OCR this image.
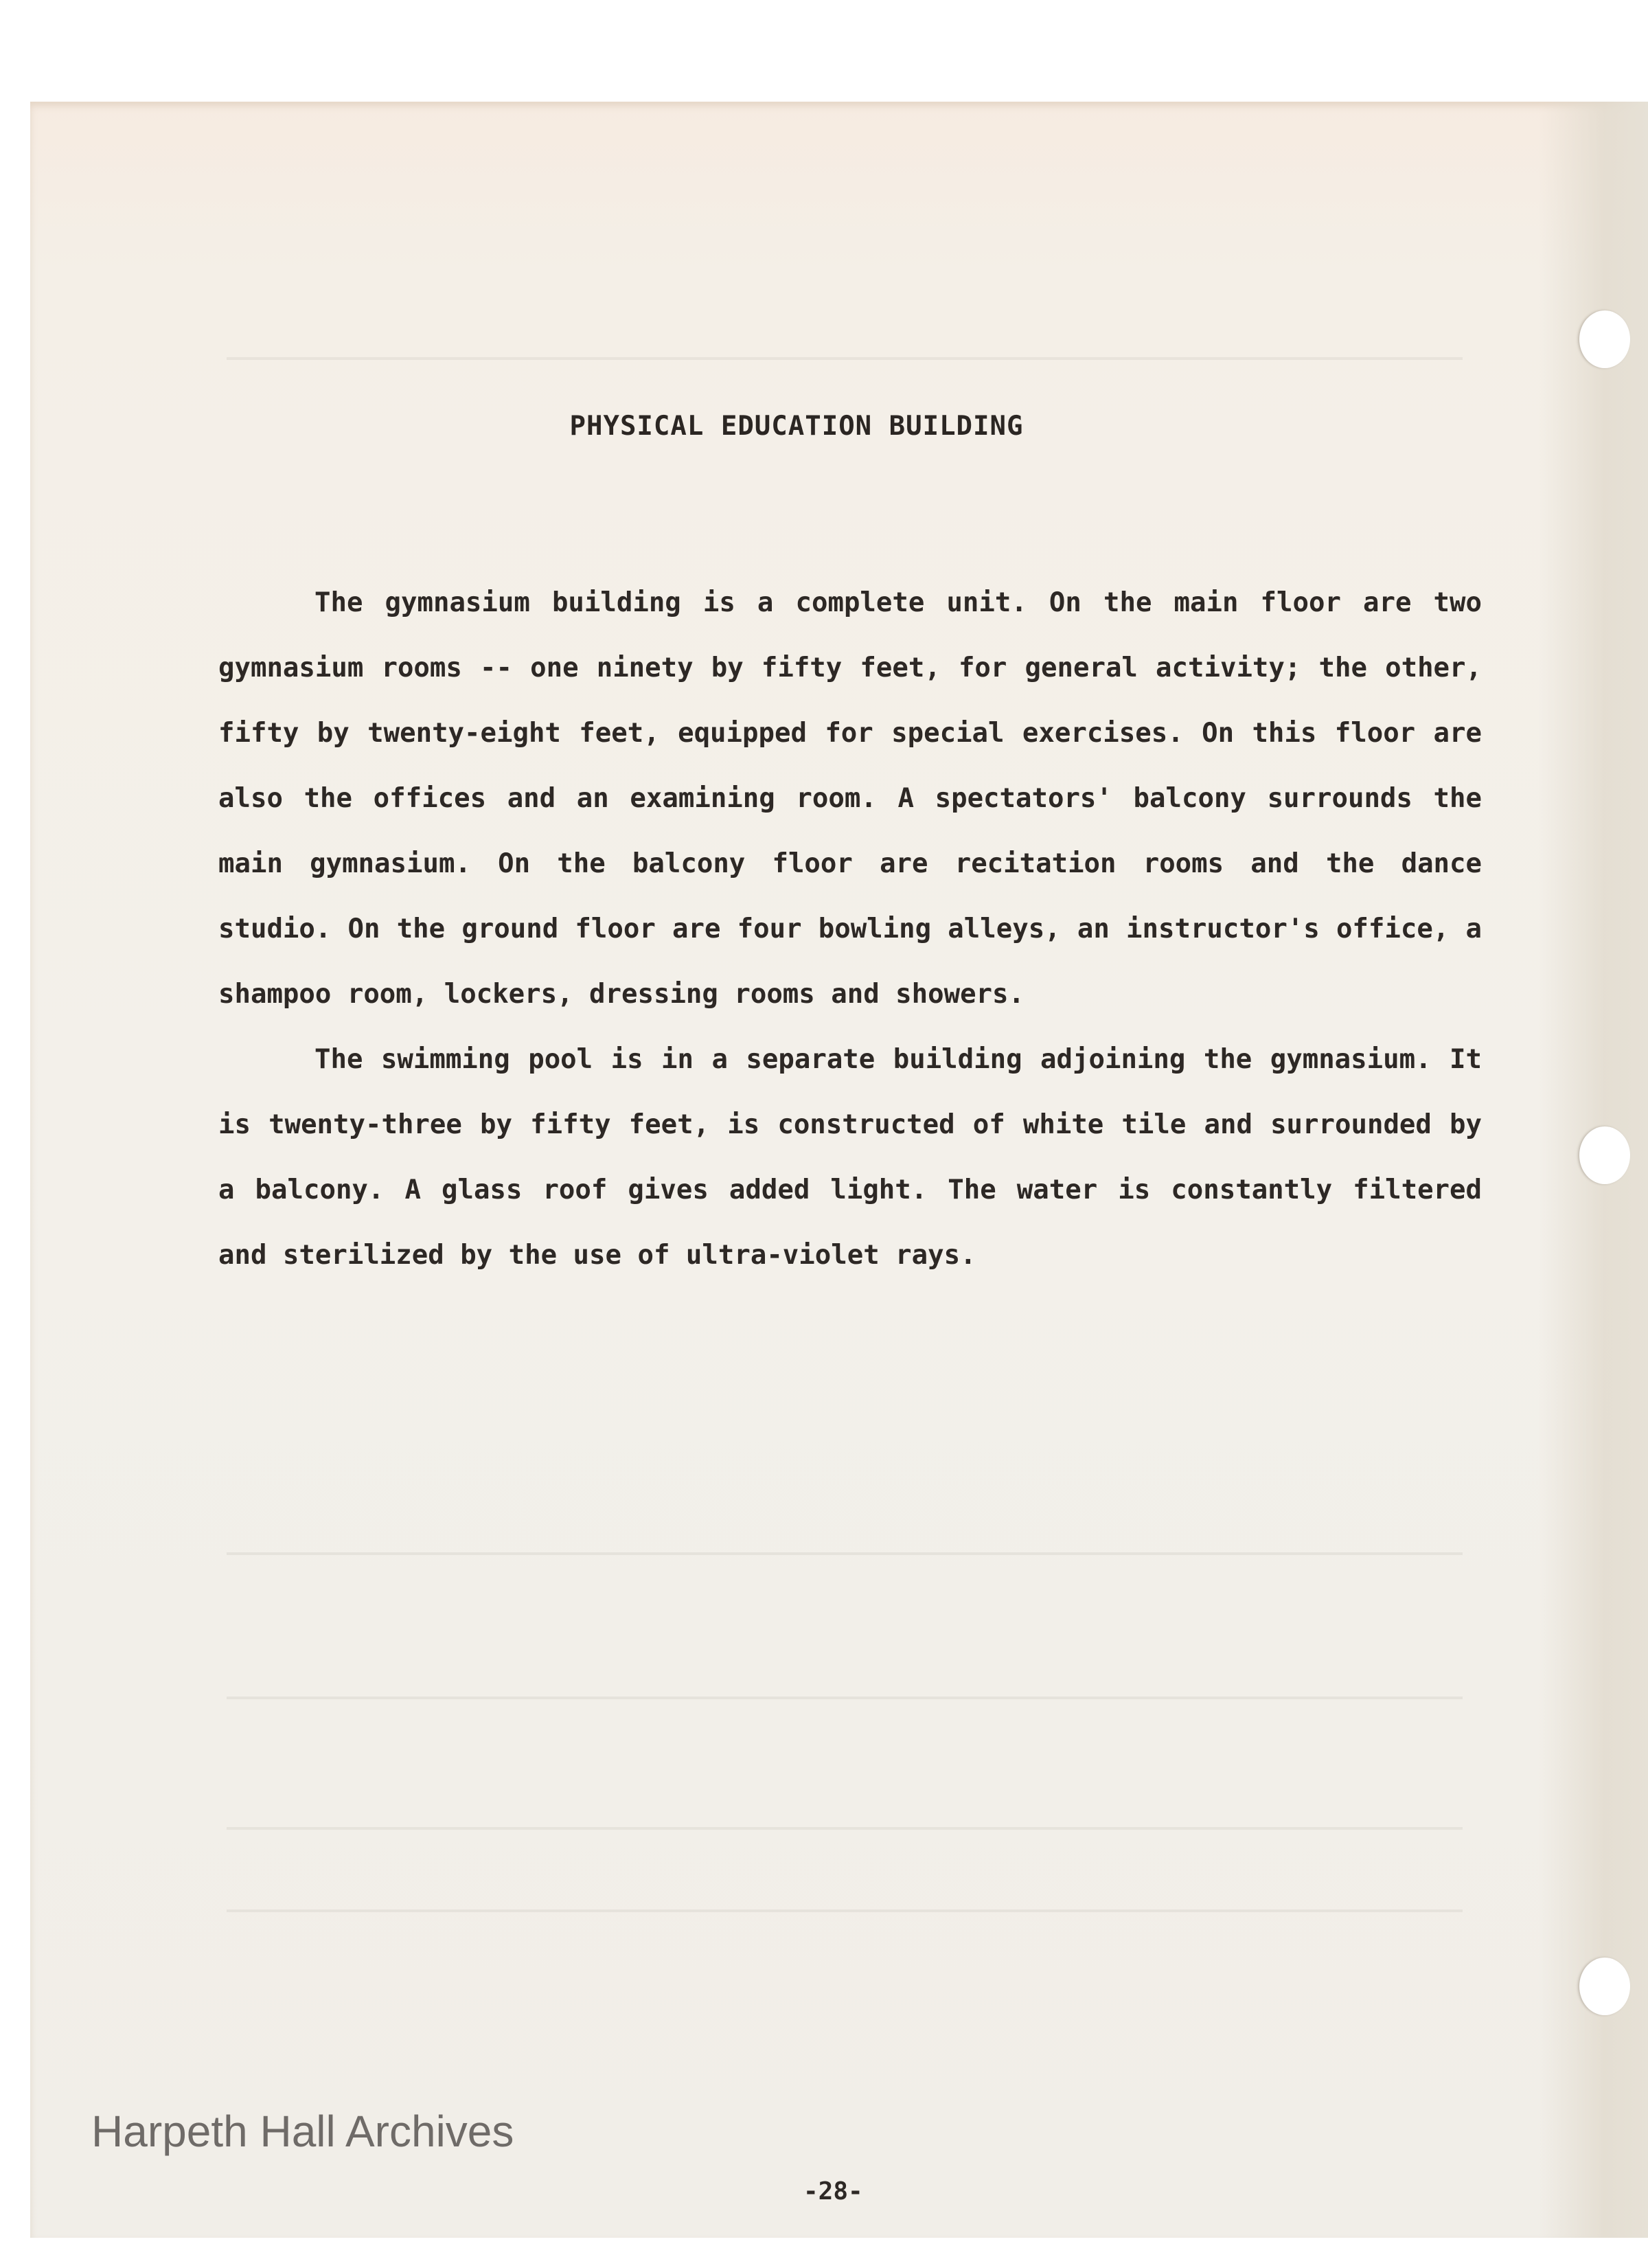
PHYSICAL EDUCATION BUILDING

The gymnasium building is a complete unit. On the main floor are two gymnasium rooms -- one ninety by fifty feet, for general activity; the other, fifty by twenty-eight feet, equipped for special exercises. On this floor are also the offices and an examining room. A spectators' balcony surrounds the main gymnasium. On the balcony floor are recitation rooms and the dance studio. On the ground floor are four bowling alleys, an instructor's office, a shampoo room, lockers, dressing rooms and showers.

The swimming pool is in a separate building adjoining the gymnasium. It is twenty-three by fifty feet, is constructed of white tile and surrounded by a balcony. A glass roof gives added light. The water is constantly filtered and sterilized by the use of ultra-violet rays.

Harpeth Hall Archives
-28-
